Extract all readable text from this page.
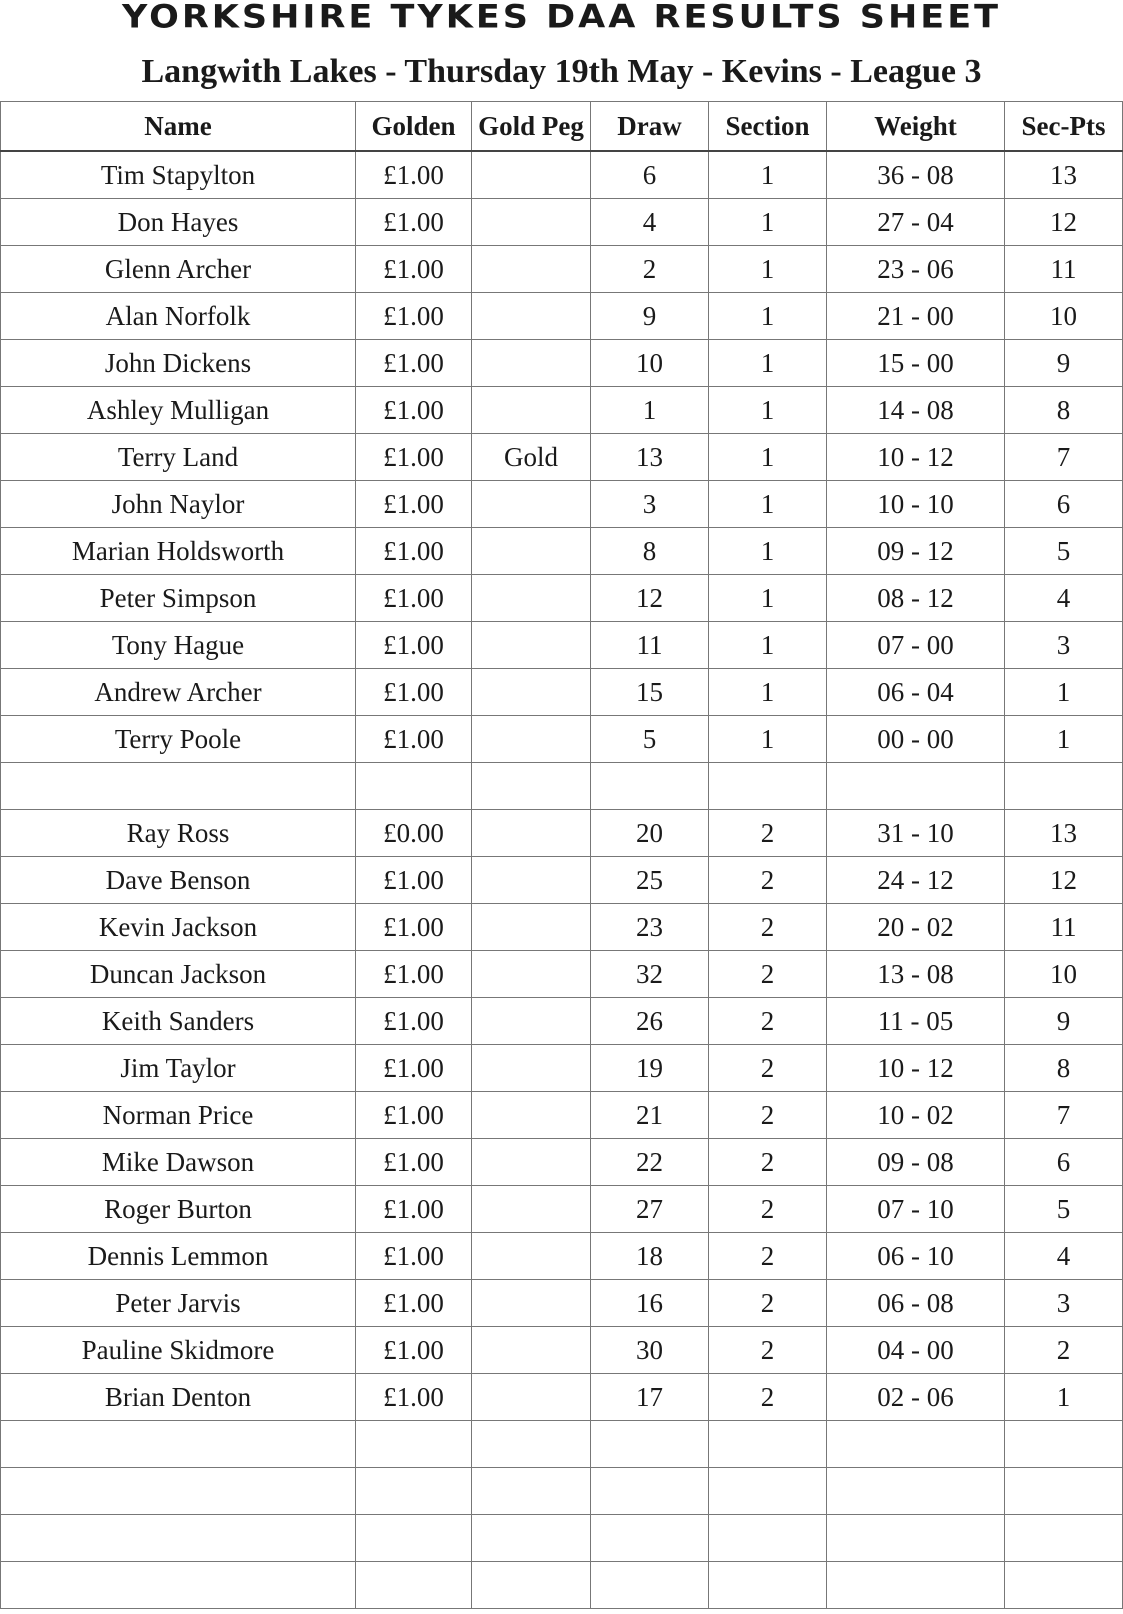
YORKSHIRE TYKES DAA RESULTS SHEET
Langwith Lakes - Thursday 19th May - Kevins - League 3
Name	Golden	Gold Peg	Draw	Section	Weight	Sec-Pts
Tim Stapylton	£1.00		6	1	36 - 08	13
Don Hayes	£1.00		4	1	27 - 04	12
Glenn Archer	£1.00		2	1	23 - 06	11
Alan Norfolk	£1.00		9	1	21 - 00	10
John Dickens	£1.00		10	1	15 - 00	9
Ashley Mulligan	£1.00		1	1	14 - 08	8
Terry Land	£1.00	Gold	13	1	10 - 12	7
John Naylor	£1.00		3	1	10 - 10	6
Marian Holdsworth	£1.00		8	1	09 - 12	5
Peter Simpson	£1.00		12	1	08 - 12	4
Tony Hague	£1.00		11	1	07 - 00	3
Andrew Archer	£1.00		15	1	06 - 04	1
Terry Poole	£1.00		5	1	00 - 00	1

Ray Ross	£0.00		20	2	31 - 10	13
Dave Benson	£1.00		25	2	24 - 12	12
Kevin Jackson	£1.00		23	2	20 - 02	11
Duncan Jackson	£1.00		32	2	13 - 08	10
Keith Sanders	£1.00		26	2	11 - 05	9
Jim Taylor	£1.00		19	2	10 - 12	8
Norman Price	£1.00		21	2	10 - 02	7
Mike Dawson	£1.00		22	2	09 - 08	6
Roger Burton	£1.00		27	2	07 - 10	5
Dennis Lemmon	£1.00		18	2	06 - 10	4
Peter Jarvis	£1.00		16	2	06 - 08	3
Pauline Skidmore	£1.00		30	2	04 - 00	2
Brian Denton	£1.00		17	2	02 - 06	1
